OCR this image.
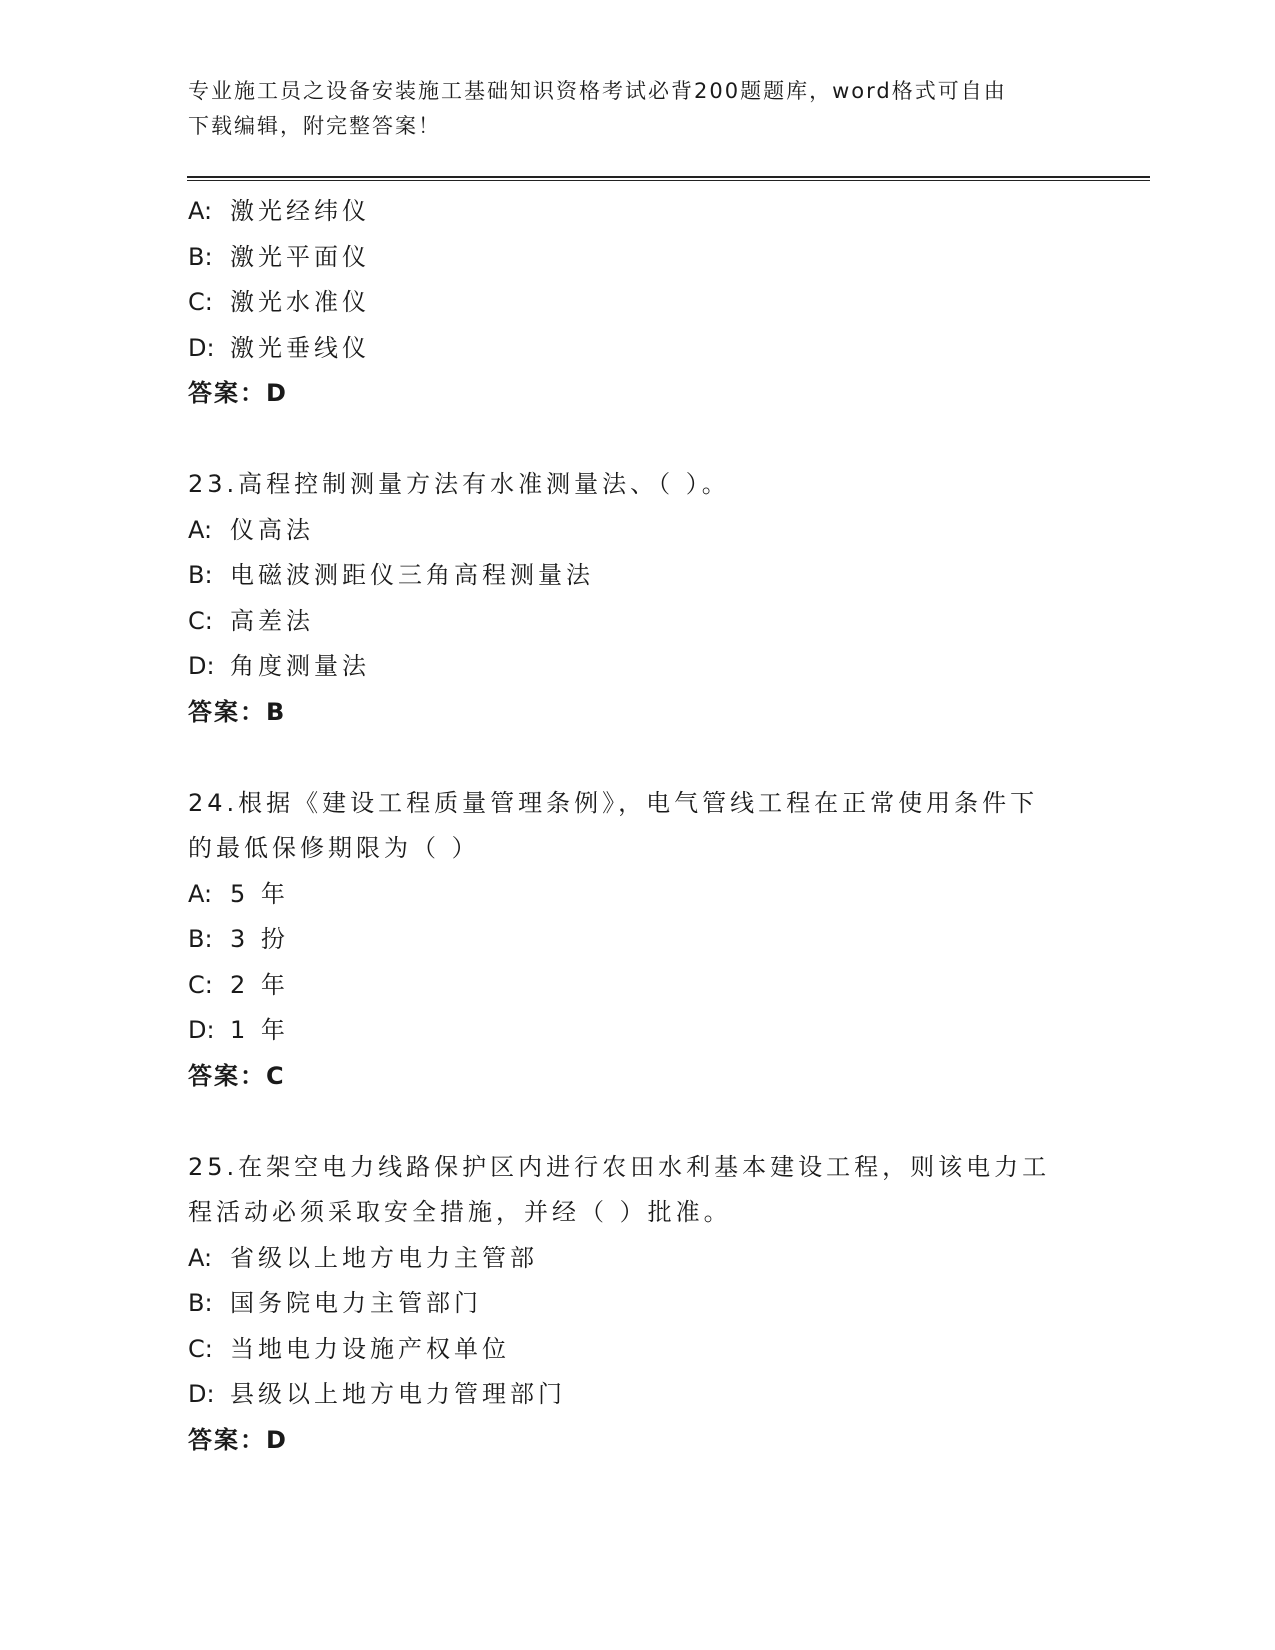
专业施工员之设备安装施工基础知识资格考试必背200题题库，word格式可自由
下载编辑，附完整答案！
A: 激光经纬仪
B: 激光平面仪
C: 激光水准仪
D: 激光垂线仪
答案：D
23.高程控制测量方法有水准测量法、（ ）。
A: 仪高法
B: 电磁波测距仪三角高程测量法
C: 高差法
D: 角度测量法
答案：B
24.根据《建设工程质量管理条例》，电气管线工程在正常使用条件下
的最低保修期限为（ ）
A: 5 年
B: 3 扮
C: 2 年
D: 1 年
答案：C
25.在架空电力线路保护区内进行农田水利基本建设工程，则该电力工
程活动必须采取安全措施，并经（ ）批准。
A: 省级以上地方电力主管部
B: 国务院电力主管部门
C: 当地电力设施产权单位
D: 县级以上地方电力管理部门
答案：D
